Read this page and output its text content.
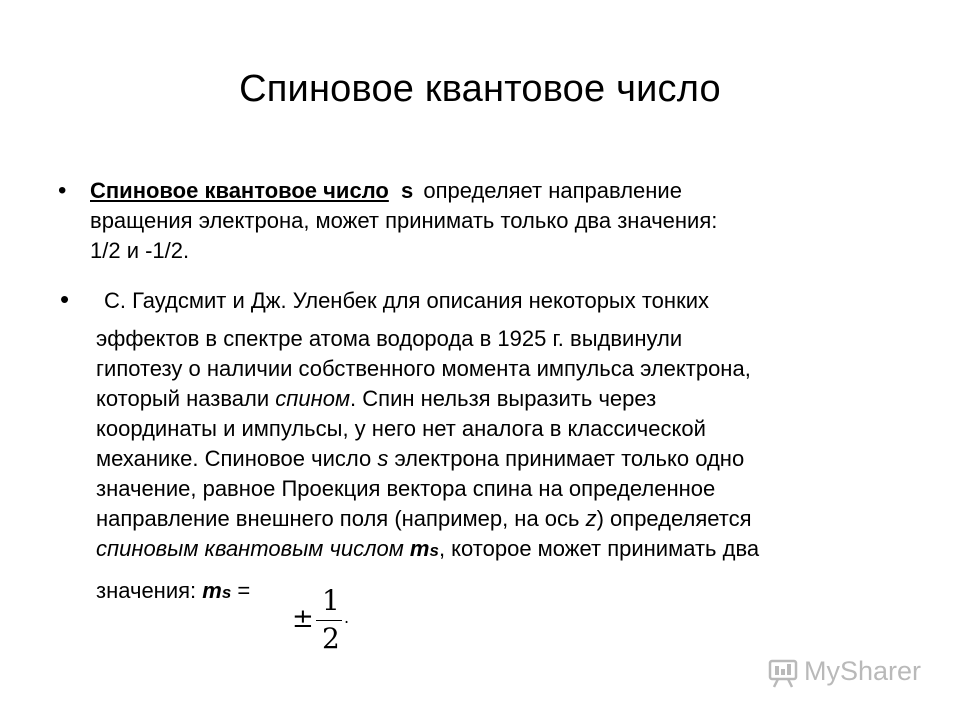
Спиновое квантовое число
• Спиновое квантовое число s определяет направление
вращения электрона, может принимать только два значения:
1/2 и -1/2.
• С. Гаудсмит и Дж. Уленбек для описания некоторых тонких
эффектов в спектре атома водорода в 1925 г. выдвинули
гипотезу о наличии собственного момента импульса электрона,
который назвали спином. Спин нельзя выразить через
координаты и импульсы, у него нет аналога в классической
механике. Спиновое число s электрона принимает только одно
значение, равное Проекция вектора спина на определенное
направление внешнего поля (например, на ось z) определяется
спиновым квантовым числом ms, которое может принимать два
значения: ms =
±
1
2
.
MySharer
